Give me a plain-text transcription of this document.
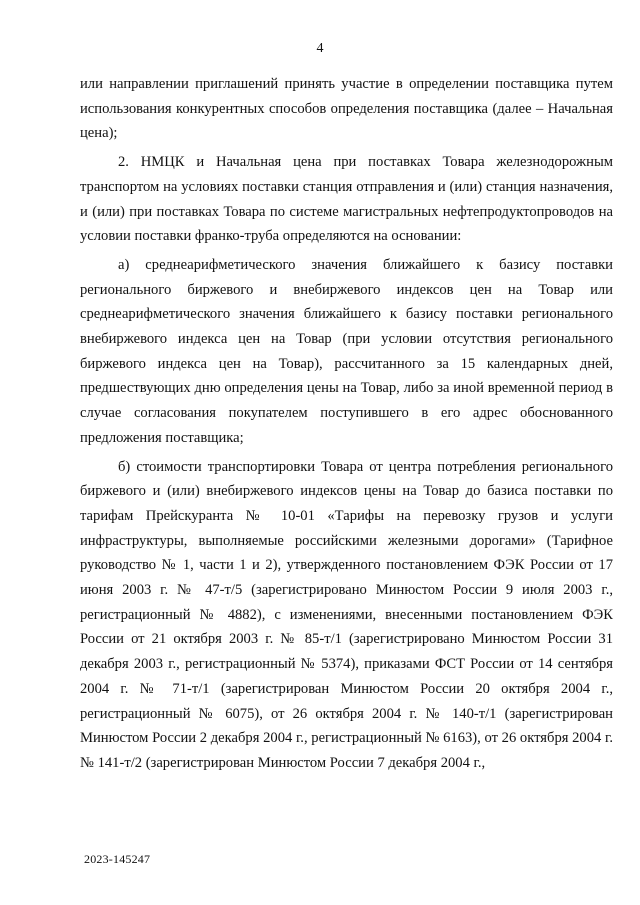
4

или направлении приглашений принять участие в определении поставщика путем использования конкурентных способов определения поставщика (далее – Начальная цена);

2. НМЦК и Начальная цена при поставках Товара железнодорожным транспортом на условиях поставки станция отправления и (или) станция назначения, и (или) при поставках Товара по системе магистральных нефтепродуктопроводов на условии поставки франко-труба определяются на основании:

а) среднеарифметического значения ближайшего к базису поставки регионального биржевого и внебиржевого индексов цен на Товар или среднеарифметического значения ближайшего к базису поставки регионального внебиржевого индекса цен на Товар (при условии отсутствия регионального биржевого индекса цен на Товар), рассчитанного за 15 календарных дней, предшествующих дню определения цены на Товар, либо за иной временной период в случае согласования покупателем поступившего в его адрес обоснованного предложения поставщика;

б) стоимости транспортировки Товара от центра потребления регионального биржевого и (или) внебиржевого индексов цены на Товар до базиса поставки по тарифам Прейскуранта № 10-01 «Тарифы на перевозку грузов и услуги инфраструктуры, выполняемые российскими железными дорогами» (Тарифное руководство № 1, части 1 и 2), утвержденного постановлением ФЭК России от 17 июня 2003 г. № 47-т/5 (зарегистрировано Минюстом России 9 июля 2003 г., регистрационный № 4882), с изменениями, внесенными постановлением ФЭК России от 21 октября 2003 г. № 85-т/1 (зарегистрировано Минюстом России 31 декабря 2003 г., регистрационный № 5374), приказами ФСТ России от 14 сентября 2004 г. № 71-т/1 (зарегистрирован Минюстом России 20 октября 2004 г., регистрационный № 6075), от 26 октября 2004 г. № 140-т/1 (зарегистрирован Минюстом России 2 декабря 2004 г., регистрационный № 6163), от 26 октября 2004 г. № 141-т/2 (зарегистрирован Минюстом России 7 декабря 2004 г.,

2023-145247
